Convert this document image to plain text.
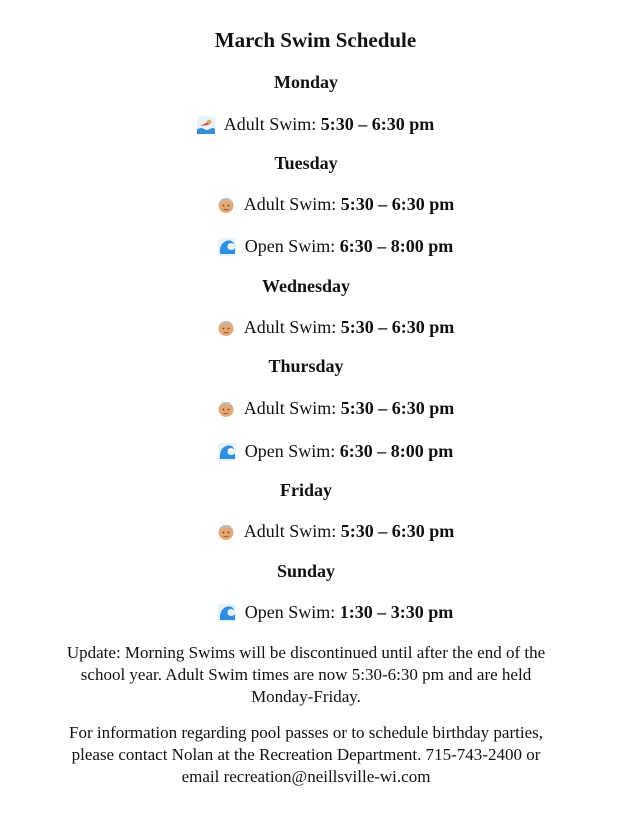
March Swim Schedule
Monday
Adult Swim:
5:30 – 6:30 pm
Tuesday
Adult Swim:
5:30 – 6:30 pm
Open Swim:
6:30 – 8:00 pm
Wednesday
Adult Swim:
5:30 – 6:30 pm
Thursday
Adult Swim:
5:30 – 6:30 pm
Open Swim:
6:30 – 8:00 pm
Friday
Adult Swim:
5:30 – 6:30 pm
Sunday
Open Swim:
1:30 – 3:30 pm
Update: Morning Swims will be discontinued until after the end of the
school year. Adult Swim times are now 5:30-6:30 pm and are held
Monday-Friday.
For information regarding pool passes or to schedule birthday parties,
please contact Nolan at the Recreation Department. 715-743-2400 or
email recreation@neillsville-wi.com
